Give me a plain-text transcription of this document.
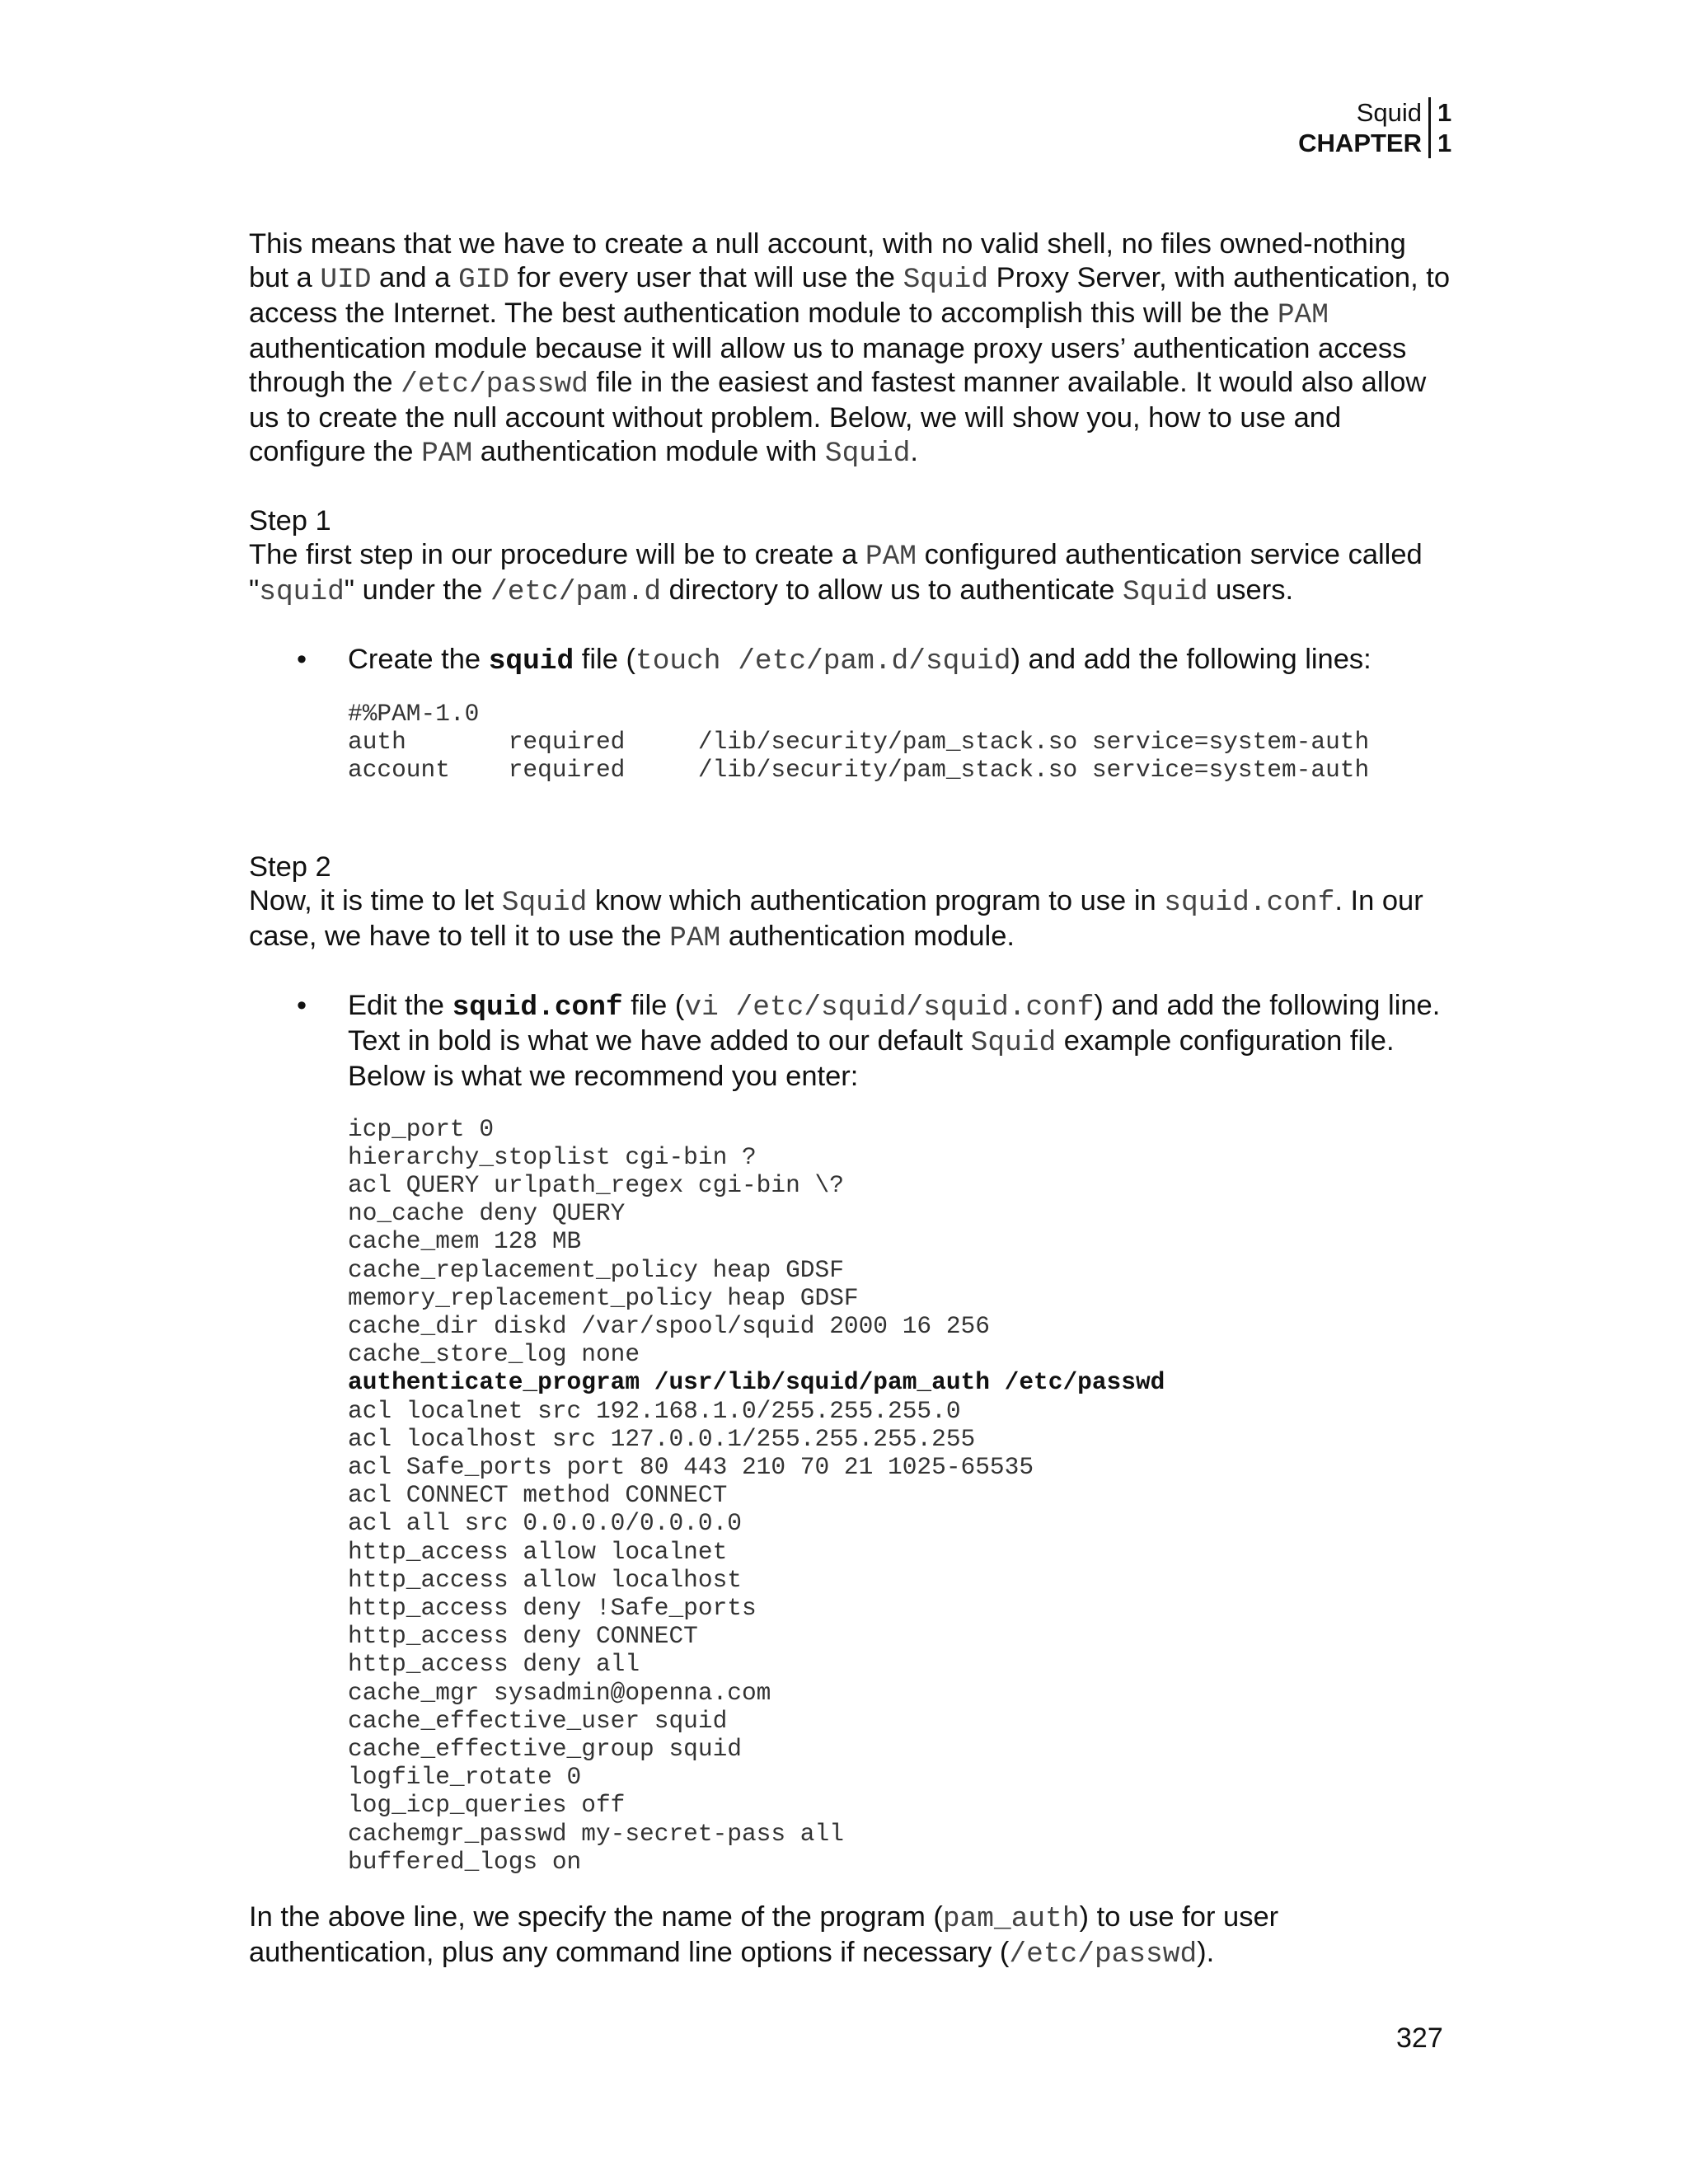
Squid
CHAPTER
1
1

This means that we have to create a null account, with no valid shell, no files owned-nothing but a UID and a GID for every user that will use the Squid Proxy Server, with authentication, to access the Internet. The best authentication module to accomplish this will be the PAM authentication module because it will allow us to manage proxy users’ authentication access through the /etc/passwd file in the easiest and fastest manner available. It would also allow us to create the null account without problem. Below, we will show you, how to use and configure the PAM authentication module with Squid.

Step 1

The first step in our procedure will be to create a PAM configured authentication service called "squid" under the /etc/pam.d directory to allow us to authenticate Squid users.

•	Create the squid file (touch /etc/pam.d/squid) and add the following lines:
#%PAM-1.0
auth       required     /lib/security/pam_stack.so service=system-auth
account    required     /lib/security/pam_stack.so service=system-auth

Step 2

Now, it is time to let Squid know which authentication program to use in squid.conf. In our case, we have to tell it to use the PAM authentication module.

•	Edit the squid.conf file (vi /etc/squid/squid.conf) and add the following line. Text in bold is what we have added to our default Squid example configuration file. Below is what we recommend you enter:
icp_port 0
hierarchy_stoplist cgi-bin ?
acl QUERY urlpath_regex cgi-bin \?
no_cache deny QUERY
cache_mem 128 MB
cache_replacement_policy heap GDSF
memory_replacement_policy heap GDSF
cache_dir diskd /var/spool/squid 2000 16 256
cache_store_log none
authenticate_program /usr/lib/squid/pam_auth /etc/passwd
acl localnet src 192.168.1.0/255.255.255.0
acl localhost src 127.0.0.1/255.255.255.255
acl Safe_ports port 80 443 210 70 21 1025-65535
acl CONNECT method CONNECT
acl all src 0.0.0.0/0.0.0.0
http_access allow localnet
http_access allow localhost
http_access deny !Safe_ports
http_access deny CONNECT
http_access deny all
cache_mgr sysadmin@openna.com
cache_effective_user squid
cache_effective_group squid
logfile_rotate 0
log_icp_queries off
cachemgr_passwd my-secret-pass all
buffered_logs on

In the above line, we specify the name of the program (pam_auth) to use for user authentication, plus any command line options if necessary (/etc/passwd).

327
